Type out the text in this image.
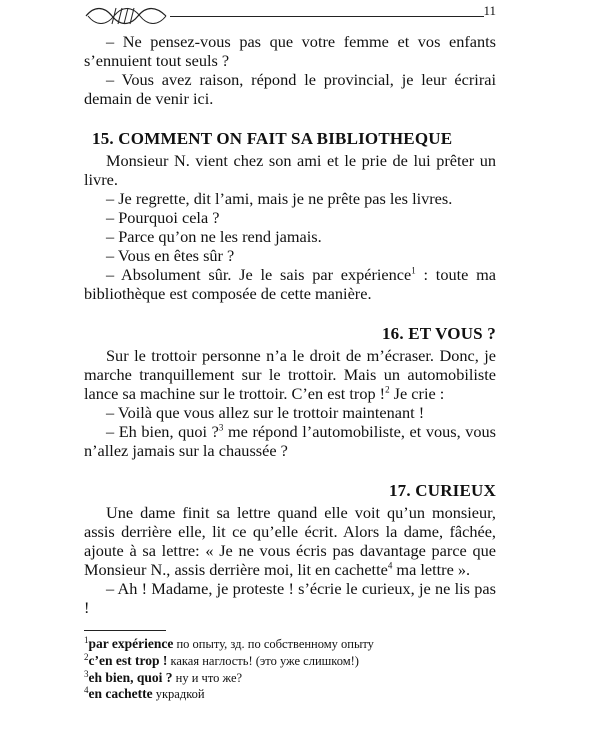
11

– Ne pensez-vous pas que votre femme et vos enfants s’ennuient tout seuls ?

– Vous avez raison, répond le provincial, je leur écrirai demain de venir ici.

15. COMMENT ON FAIT SA BIBLIOTHEQUE

Monsieur N. vient chez son ami et le prie de lui prêter un livre.

– Je regrette, dit l’ami, mais je ne prête pas les livres.

– Pourquoi cela ?

– Parce qu’on ne les rend jamais.

– Vous en êtes sûr ?

– Absolument sûr. Je le sais par expérience$^1$ : toute ma bibliothèque est composée de cette manière.

16. ET VOUS ?

Sur le trottoir personne n’a le droit de m’écraser. Donc, je marche tranquillement sur le trottoir. Mais un automobiliste lance sa machine sur le trottoir. C’en est trop !$^2$ Je crie :

– Voilà que vous allez sur le trottoir maintenant !

– Eh bien, quoi ?$^3$ me répond l’automobiliste, et vous, vous n’allez jamais sur la chaussée ?

17. CURIEUX

Une dame finit sa lettre quand elle voit qu’un monsieur, assis derrière elle, lit ce qu’elle écrit. Alors la dame, fâchée, ajoute à sa lettre: « Je ne vous écris pas davantage parce que Monsieur N., assis derrière moi, lit en cachette$^4$ ma lettre ».

– Ah ! Madame, je proteste ! s’écrie le curieux, je ne lis pas !

$^1$par expérience по опыту, зд. по собственному опыту
$^2$c’en est trop ! какая наглость! (это уже слишком!)
$^3$eh bien, quoi ? ну и что же?
$^4$en cachette украдкой
